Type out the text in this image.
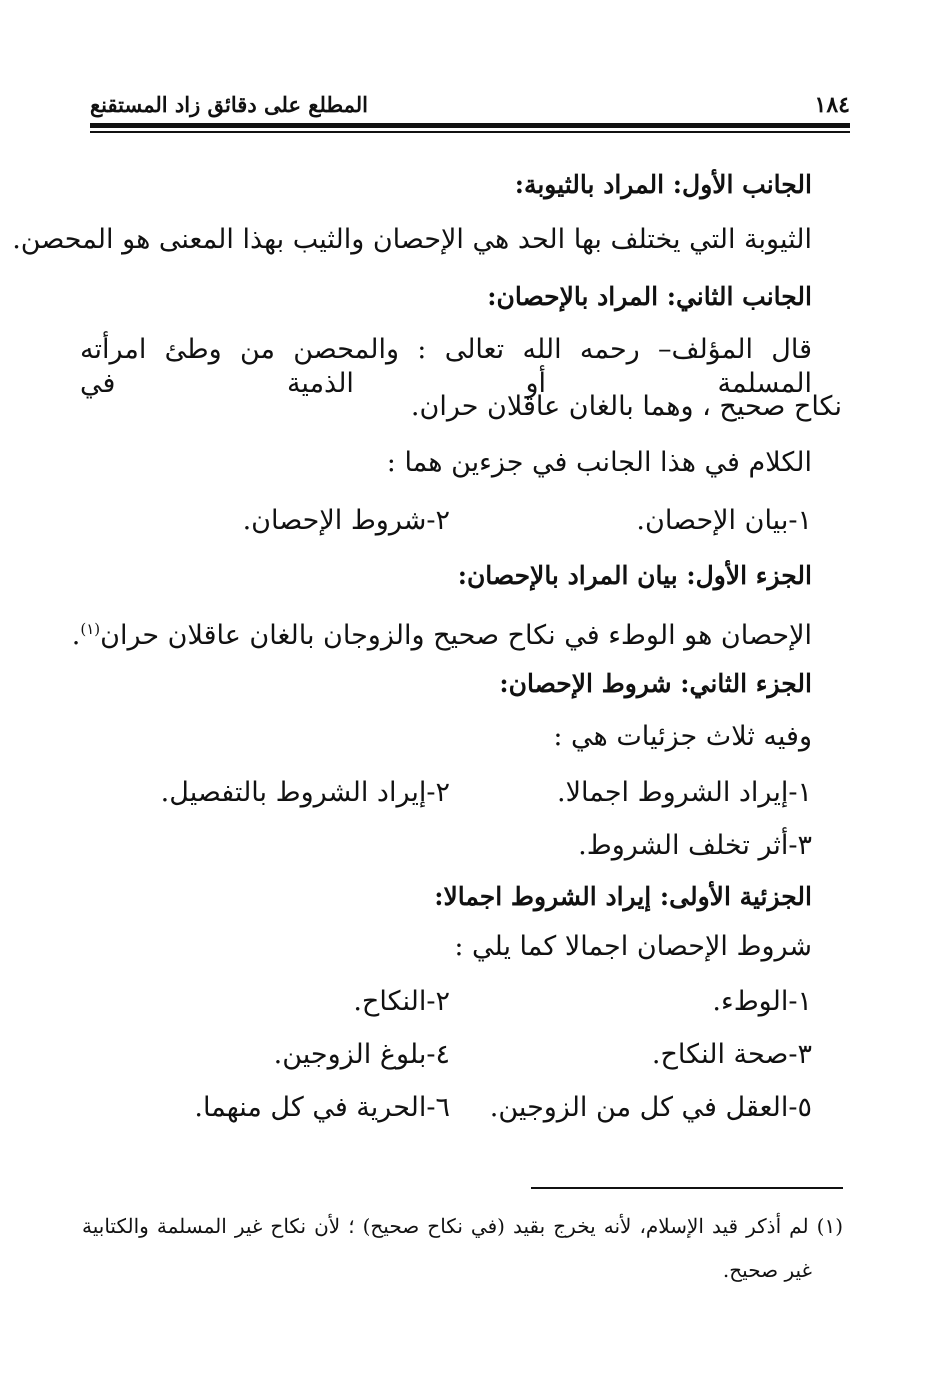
١٨٤
المطلع على دقائق زاد المستقنع
الجانب الأول: المراد بالثيوبة:
الثيوبة التي يختلف بها الحد هي الإحصان والثيب بهذا المعنى هو المحصن.
الجانب الثاني: المراد بالإحصان:
قال المؤلف– رحمه الله تعالى : والمحصن من وطئ امرأته المسلمة أو الذمية في
نكاح صحيح ، وهما بالغان عاقلان حران.
الكلام في هذا الجانب في جزءين هما :
١-بيان الإحصان.
٢-شروط الإحصان.
الجزء الأول: بيان المراد بالإحصان:
الإحصان هو الوطء في نكاح صحيح والزوجان بالغان عاقلان حران$^{(١)}$.
الجزء الثاني: شروط الإحصان:
وفيه ثلاث جزئيات هي :
١-إيراد الشروط اجمالا.
٢-إيراد الشروط بالتفصيل.
٣-أثر تخلف الشروط.
الجزئية الأولى: إيراد الشروط اجمالا:
شروط الإحصان اجمالا كما يلي :
١-الوطء.
٢-النكاح.
٣-صحة النكاح.
٤-بلوغ الزوجين.
٥-العقل في كل من الزوجين.
٦-الحرية في كل منهما.
(١) لم أذكر قيد الإسلام، لأنه يخرج بقيد (في نكاح صحيح) ؛ لأن نكاح غير المسلمة والكتابية
غير صحيح.
